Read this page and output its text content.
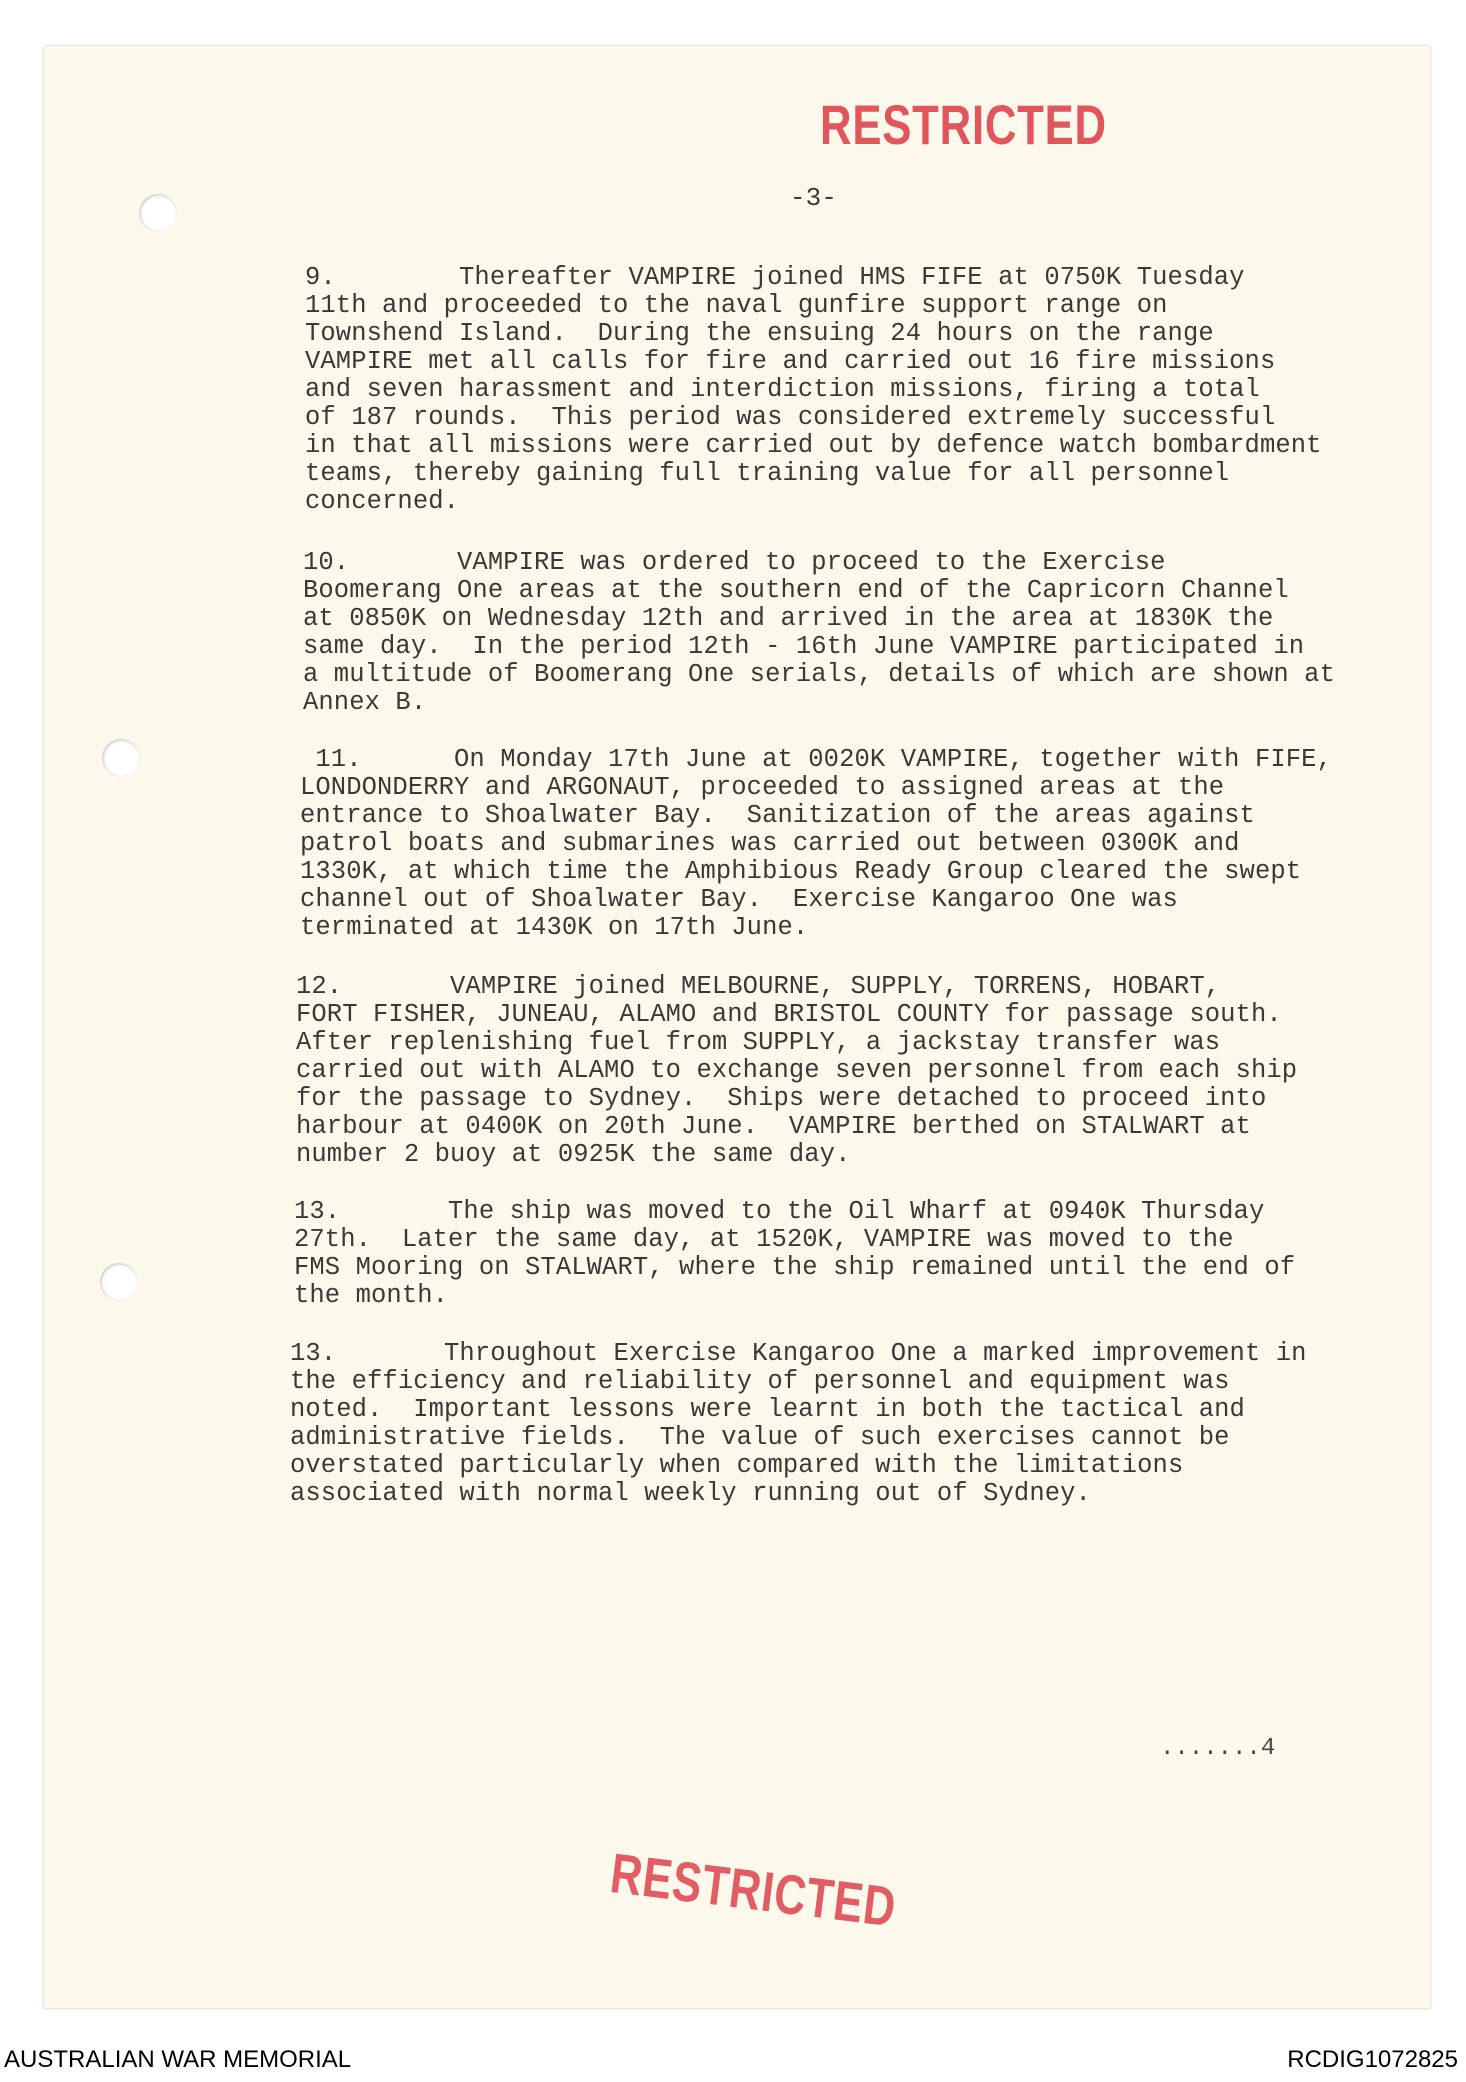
RESTRICTED
-3-
9.        Thereafter VAMPIRE joined HMS FIFE at 0750K Tuesday
11th and proceeded to the naval gunfire support range on
Townshend Island.  During the ensuing 24 hours on the range
VAMPIRE met all calls for fire and carried out 16 fire missions
and seven harassment and interdiction missions, firing a total
of 187 rounds.  This period was considered extremely successful
in that all missions were carried out by defence watch bombardment
teams, thereby gaining full training value for all personnel
concerned.
10.       VAMPIRE was ordered to proceed to the Exercise
Boomerang One areas at the southern end of the Capricorn Channel
at 0850K on Wednesday 12th and arrived in the area at 1830K the
same day.  In the period 12th - 16th June VAMPIRE participated in
a multitude of Boomerang One serials, details of which are shown at
Annex B.
11.      On Monday 17th June at 0020K VAMPIRE, together with FIFE,
LONDONDERRY and ARGONAUT, proceeded to assigned areas at the
entrance to Shoalwater Bay.  Sanitization of the areas against
patrol boats and submarines was carried out between 0300K and
1330K, at which time the Amphibious Ready Group cleared the swept
channel out of Shoalwater Bay.  Exercise Kangaroo One was
terminated at 1430K on 17th June.
12.       VAMPIRE joined MELBOURNE, SUPPLY, TORRENS, HOBART,
FORT FISHER, JUNEAU, ALAMO and BRISTOL COUNTY for passage south.
After replenishing fuel from SUPPLY, a jackstay transfer was
carried out with ALAMO to exchange seven personnel from each ship
for the passage to Sydney.  Ships were detached to proceed into
harbour at 0400K on 20th June.  VAMPIRE berthed on STALWART at
number 2 buoy at 0925K the same day.
13.       The ship was moved to the Oil Wharf at 0940K Thursday
27th.  Later the same day, at 1520K, VAMPIRE was moved to the
FMS Mooring on STALWART, where the ship remained until the end of
the month.
13.       Throughout Exercise Kangaroo One a marked improvement in
the efficiency and reliability of personnel and equipment was
noted.  Important lessons were learnt in both the tactical and
administrative fields.  The value of such exercises cannot be
overstated particularly when compared with the limitations
associated with normal weekly running out of Sydney.
.......4
RESTRICTED
AUSTRALIAN WAR MEMORIAL	RCDIG1072825
